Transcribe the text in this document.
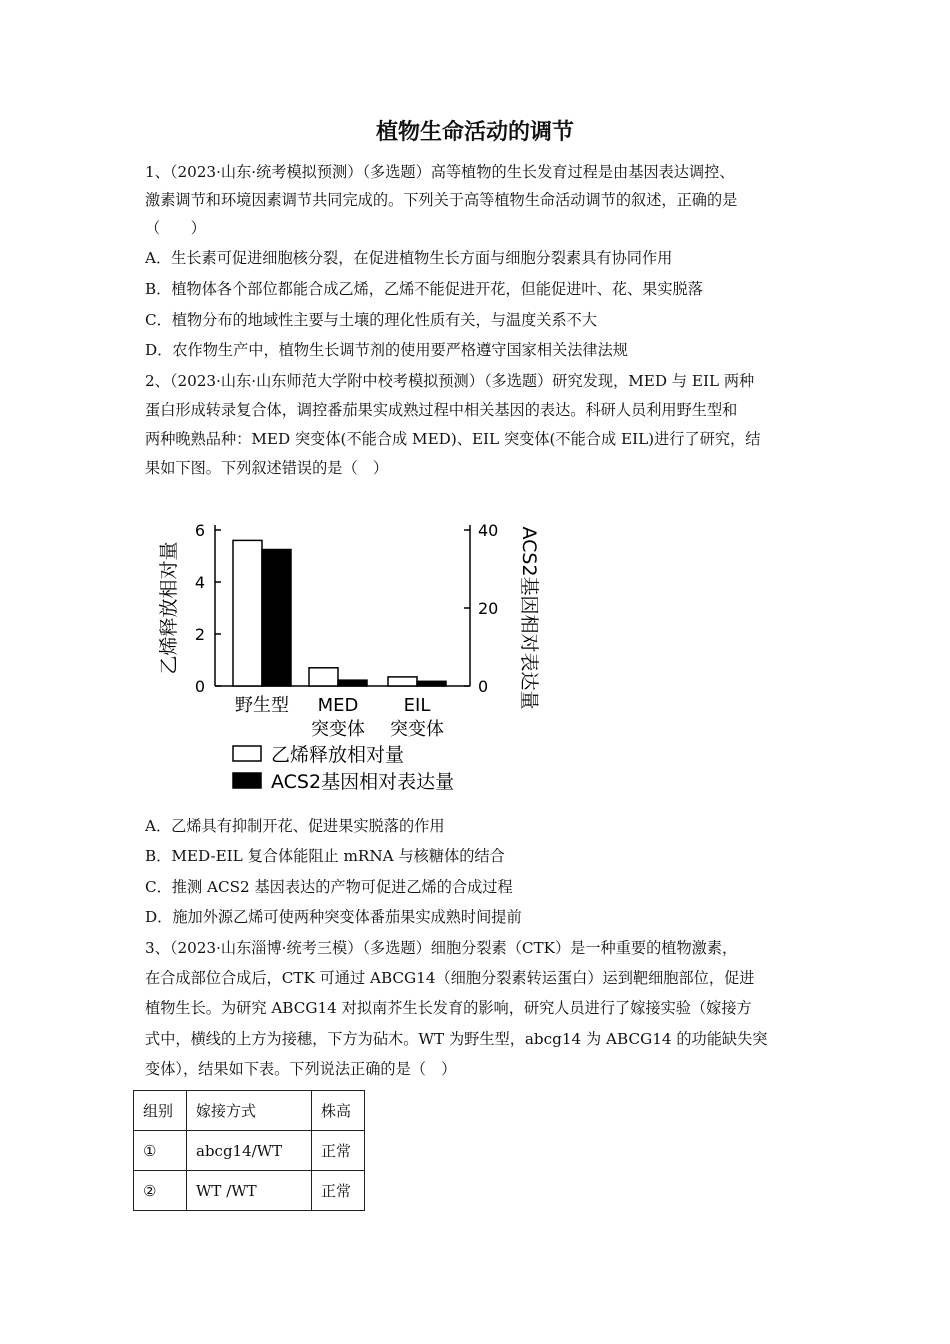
植物生命活动的调节
1、（2023·山东·统考模拟预测）（多选题）高等植物的生长发育过程是由基因表达调控、
激素调节和环境因素调节共同完成的。下列关于高等植物生命活动调节的叙述，正确的是
（　　）
A．生长素可促进细胞核分裂，在促进植物生长方面与细胞分裂素具有协同作用
B．植物体各个部位都能合成乙烯，乙烯不能促进开花，但能促进叶、花、果实脱落
C．植物分布的地域性主要与土壤的理化性质有关，与温度关系不大
D．农作物生产中，植物生长调节剂的使用要严格遵守国家相关法律法规
2、（2023·山东·山东师范大学附中校考模拟预测）（多选题）研究发现，MED 与 EIL 两种
蛋白形成转录复合体，调控番茄果实成熟过程中相关基因的表达。科研人员利用野生型和
两种晚熟品种：MED 突变体(不能合成 MED)、EIL 突变体(不能合成 EIL)进行了研究，结
果如下图。下列叙述错误的是（　）
0
2
4
6
0
20
40
乙烯释放相对量	ACS2基因相对表达量
野生型 MED
突变体
EIL
突变体
乙烯释放相对量
ACS2基因相对表达量
A．乙烯具有抑制开花、促进果实脱落的作用
B．MED-EIL 复合体能阻止 mRNA 与核糖体的结合
C．推测 ACS2 基因表达的产物可促进乙烯的合成过程
D．施加外源乙烯可使两种突变体番茄果实成熟时间提前
3、（2023·山东淄博·统考三模）（多选题）细胞分裂素（CTK）是一种重要的植物激素，
在合成部位合成后，CTK 可通过 ABCG14（细胞分裂素转运蛋白）运到靶细胞部位，促进
植物生长。为研究 ABCG14 对拟南芥生长发育的影响，研究人员进行了嫁接实验（嫁接方
式中，横线的上方为接穗，下方为砧木。WT 为野生型，abcg14 为 ABCG14 的功能缺失突
变体），结果如下表。下列说法正确的是（　）
组别	嫁接方式	株高
①	abcg14/WT	正常
②	WT /WT	正常
